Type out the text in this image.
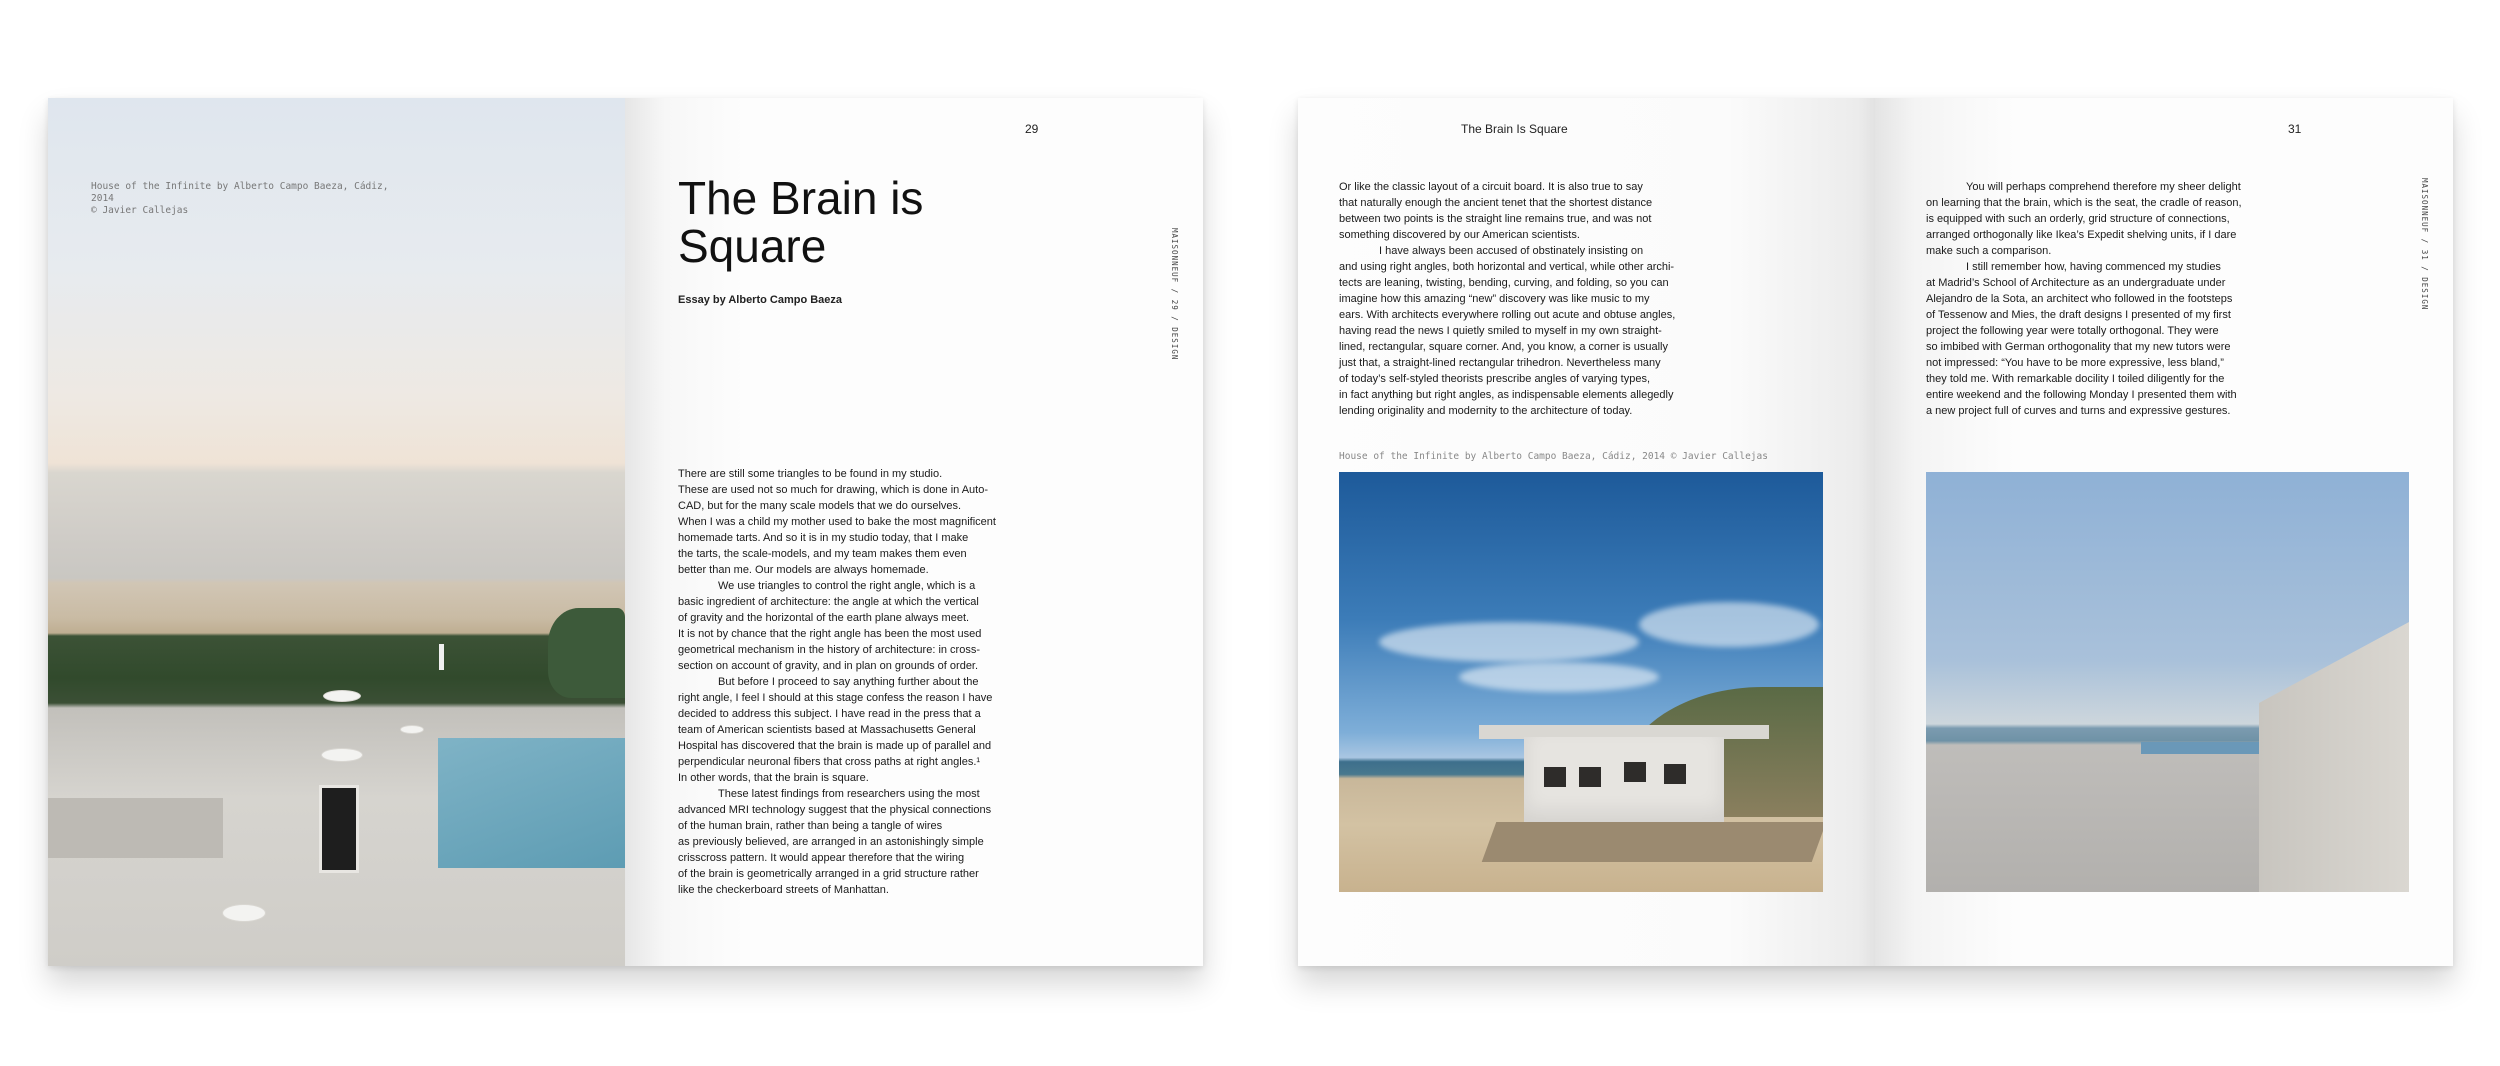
House of the Infinite by Alberto Campo Baeza, Cádiz, 2014
© Javier Callejas
29
MAISONNEUF / 29 / DESIGN
The Brain is
Square
Essay by Alberto Campo Baeza

There are still some triangles to be found in my studio.
These are used not so much for drawing, which is done in Auto-
CAD, but for the many scale models that we do ourselves.
When I was a child my mother used to bake the most magnificent
homemade tarts. And so it is in my studio today, that I make
the tarts, the scale-models, and my team makes them even
better than me. Our models are always homemade.

We use triangles to control the right angle, which is a
basic ingredient of architecture: the angle at which the vertical
of gravity and the horizontal of the earth plane always meet.
It is not by chance that the right angle has been the most used
geometrical mechanism in the history of architecture: in cross-
section on account of gravity, and in plan on grounds of order.

But before I proceed to say anything further about the
right angle, I feel I should at this stage confess the reason I have
decided to address this subject. I have read in the press that a
team of American scientists based at Massachusetts General
Hospital has discovered that the brain is made up of parallel and
perpendicular neuronal fibers that cross paths at right angles.¹
In other words, that the brain is square.

These latest findings from researchers using the most
advanced MRI technology suggest that the physical connections
of the human brain, rather than being a tangle of wires
as previously believed, are arranged in an astonishingly simple
crisscross pattern. It would appear therefore that the wiring
of the brain is geometrically arranged in a grid structure rather
like the checkerboard streets of Manhattan.

The Brain Is Square

Or like the classic layout of a circuit board. It is also true to say
that naturally enough the ancient tenet that the shortest distance
between two points is the straight line remains true, and was not
something discovered by our American scientists.

I have always been accused of obstinately insisting on
and using right angles, both horizontal and vertical, while other archi-
tects are leaning, twisting, bending, curving, and folding, so you can
imagine how this amazing “new” discovery was like music to my
ears. With architects everywhere rolling out acute and obtuse angles,
having read the news I quietly smiled to myself in my own straight-
lined, rectangular, square corner. And, you know, a corner is usually
just that, a straight-lined rectangular trihedron. Nevertheless many
of today’s self-styled theorists prescribe angles of varying types,
in fact anything but right angles, as indispensable elements allegedly
lending originality and modernity to the architecture of today.

House of the Infinite by Alberto Campo Baeza, Cádiz, 2014 © Javier Callejas
31
MAISONNEUF / 31 / DESIGN

You will perhaps comprehend therefore my sheer delight
on learning that the brain, which is the seat, the cradle of reason,
is equipped with such an orderly, grid structure of connections,
arranged orthogonally like Ikea’s Expedit shelving units, if I dare
make such a comparison.

I still remember how, having commenced my studies
at Madrid’s School of Architecture as an undergraduate under
Alejandro de la Sota, an architect who followed in the footsteps
of Tessenow and Mies, the draft designs I presented of my first
project the following year were totally orthogonal. They were
so imbibed with German orthogonality that my new tutors were
not impressed: “You have to be more expressive, less bland,”
they told me. With remarkable docility I toiled diligently for the
entire weekend and the following Monday I presented them with
a new project full of curves and turns and expressive gestures.
